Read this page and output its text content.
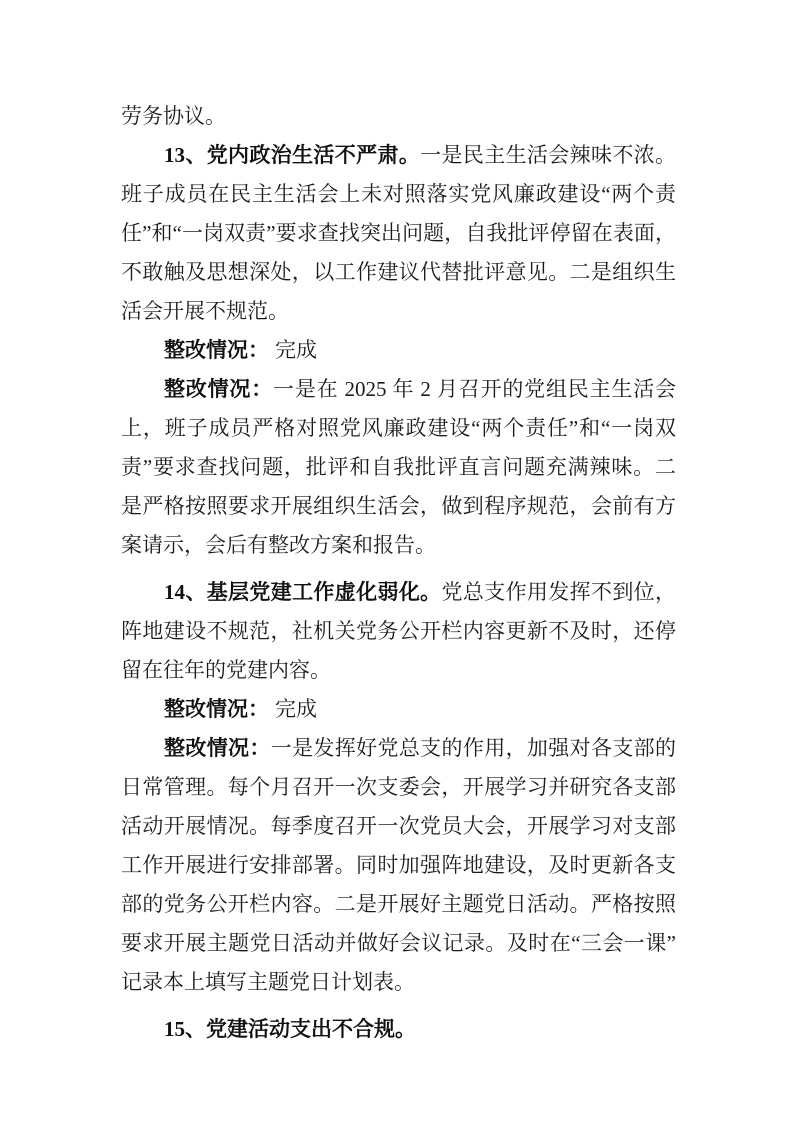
劳务协议。

13、党内政治生活不严肃。一是民主生活会辣味不浓。班子成员在民主生活会上未对照落实党风廉政建设“两个责任”和“一岗双责”要求查找突出问题，自我批评停留在表面，不敢触及思想深处，以工作建议代替批评意见。二是组织生活会开展不规范。

整改情况： 完成

整改情况：一是在 2025 年 2 月召开的党组民主生活会上，班子成员严格对照党风廉政建设“两个责任”和“一岗双责”要求查找问题，批评和自我批评直言问题充满辣味。二是严格按照要求开展组织生活会，做到程序规范，会前有方案请示，会后有整改方案和报告。

14、基层党建工作虚化弱化。党总支作用发挥不到位，阵地建设不规范，社机关党务公开栏内容更新不及时，还停留在往年的党建内容。

整改情况： 完成

整改情况：一是发挥好党总支的作用，加强对各支部的日常管理。每个月召开一次支委会，开展学习并研究各支部活动开展情况。每季度召开一次党员大会，开展学习对支部工作开展进行安排部署。同时加强阵地建设，及时更新各支部的党务公开栏内容。二是开展好主题党日活动。严格按照要求开展主题党日活动并做好会议记录。及时在“三会一课”记录本上填写主题党日计划表。

15、党建活动支出不合规。
